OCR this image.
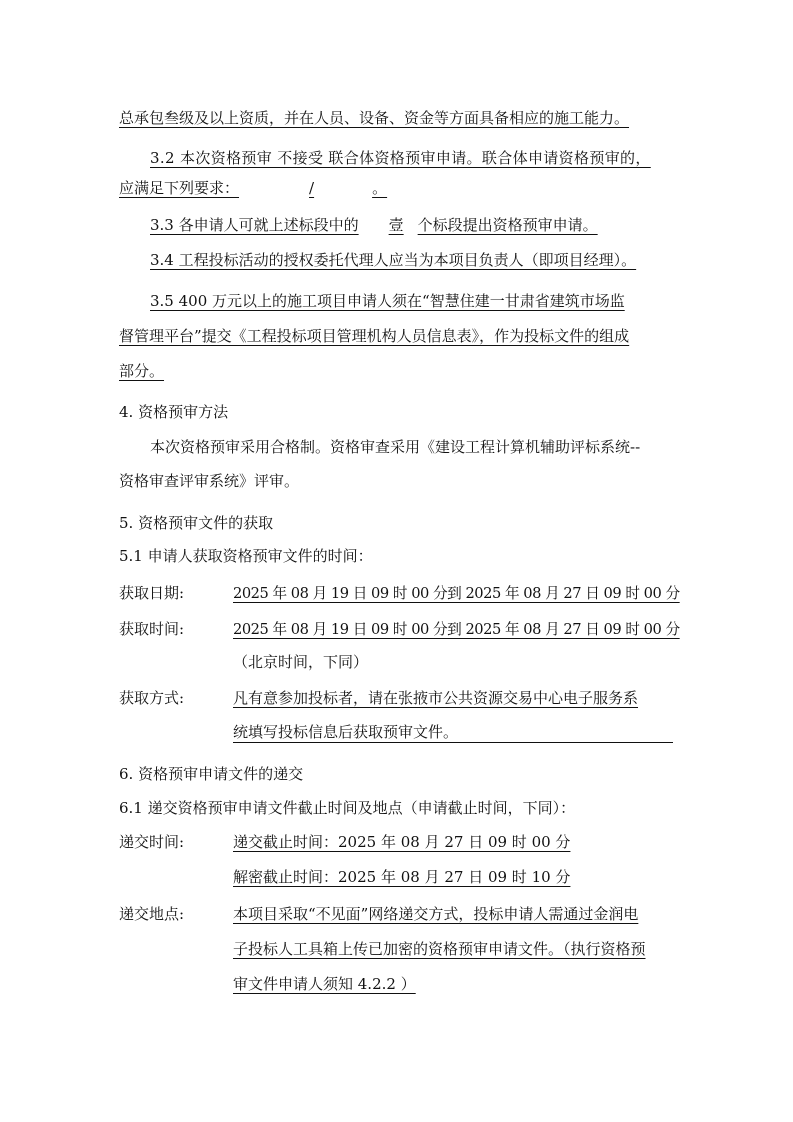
总承包叁级及以上资质，并在人员、设备、资金等方面具备相应的施工能力。
3.2 本次资格预审 不接受 联合体资格预审申请。联合体申请资格预审的，
应满足下列要求：	/	。
3.3 各申请人可就上述标段中的 壹 个标段提出资格预审申请。
3.4 工程投标活动的授权委托代理人应当为本项目负责人（即项目经理）。
3.5 400 万元以上的施工项目申请人须在“智慧住建一甘肃省建筑市场监
督管理平台”提交《工程投标项目管理机构人员信息表》，作为投标文件的组成
部分。
4. 资格预审方法
本次资格预审采用合格制。资格审查采用《建设工程计算机辅助评标系统--
资格审查评审系统》评审。
5. 资格预审文件的获取
5.1 申请人获取资格预审文件的时间：
获取日期:	2025 年 08 月 19 日 09 时 00 分到 2025 年 08 月 27 日 09 时 00 分
获取时间:	2025 年 08 月 19 日 09 时 00 分到 2025 年 08 月 27 日 09 时 00 分
（北京时间，下同）
获取方式:	凡有意参加投标者，请在张掖市公共资源交易中心电子服务系
统填写投标信息后获取预审文件。
6. 资格预审申请文件的递交
6.1 递交资格预审申请文件截止时间及地点（申请截止时间，下同）：
递交时间:	递交截止时间：2025 年 08 月 27 日 09 时 00 分
解密截止时间：2025 年 08 月 27 日 09 时 10 分
递交地点:	本项目采取“不见面”网络递交方式，投标申请人需通过金润电
子投标人工具箱上传已加密的资格预审申请文件。（执行资格预
审文件申请人须知 4.2.2 ）
